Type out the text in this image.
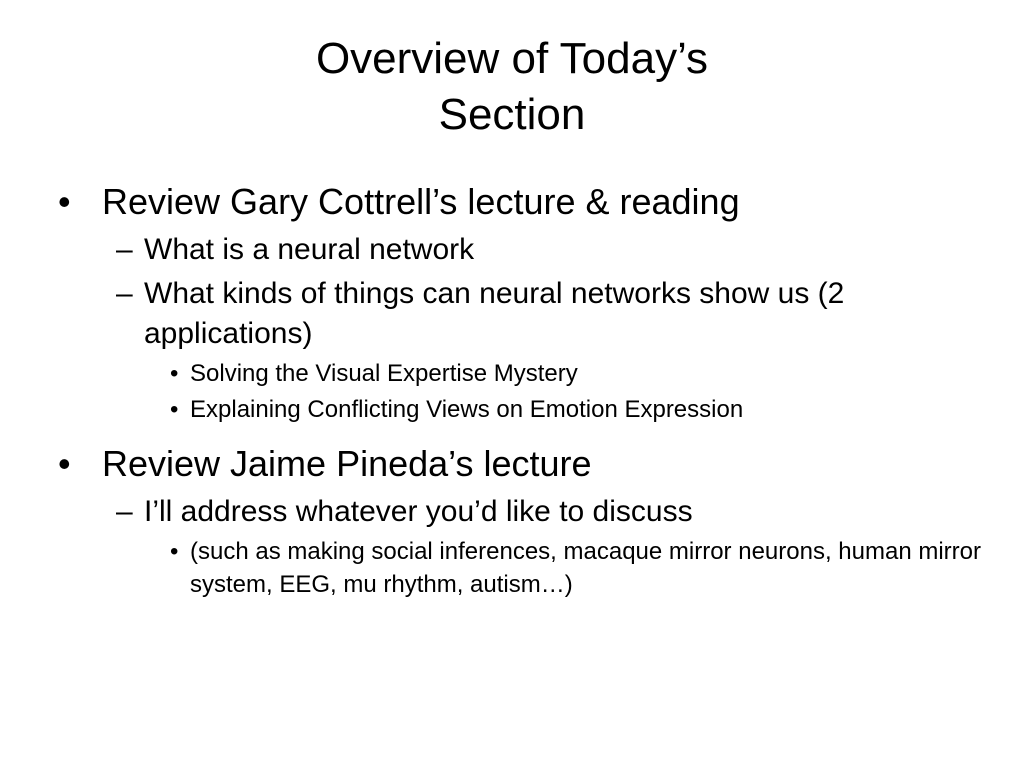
Overview of Today’s
Section
• Review Gary Cottrell’s lecture & reading
– What is a neural network
– What kinds of things can neural networks show us (2 applications)
• Solving the Visual Expertise Mystery
• Explaining Conflicting Views on Emotion Expression
• Review Jaime Pineda’s lecture
– I’ll address whatever you’d like to discuss
• (such as making social inferences, macaque mirror neurons, human mirror system, EEG, mu rhythm, autism…)
